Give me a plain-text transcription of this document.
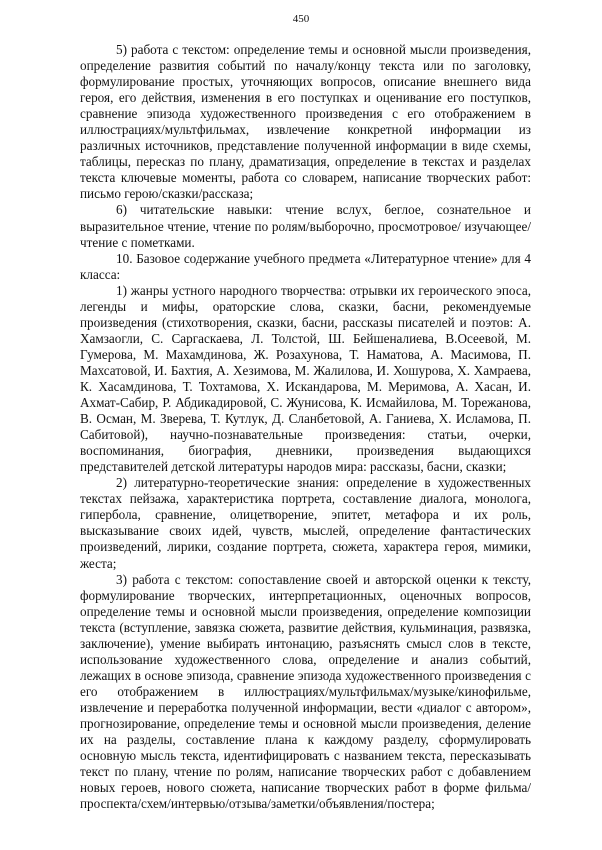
450

5) работа с текстом: определение темы и основной мысли произведения, определение развития событий по началу/концу текста или по заголовку, формулирование простых, уточняющих вопросов, описание внешнего вида героя, его действия, изменения в его поступках и оценивание его поступков, сравнение эпизода художественного произведения с его отображением в иллюстрациях/мультфильмах, извлечение конкретной информации из различных источников, представление полученной информации в виде схемы, таблицы, пересказ по плану, драматизация, определение в текстах и разделах текста ключевые моменты, работа со словарем, написание творческих работ: письмо герою/сказки/рассказа;

6) читательские навыки: чтение вслух, беглое, сознательное и выразительное чтение, чтение по ролям/выборочно, просмотровое/ изучающее/чтение с пометками.

10. Базовое содержание учебного предмета «Литературное чтение» для 4 класса:

1) жанры устного народного творчества: отрывки их героического эпоса, легенды и мифы, ораторские слова, сказки, басни, рекомендуемые произведения (стихотворения, сказки, басни, рассказы писателей и поэтов: А. Хамзаогли, С. Саргаскаева, Л. Толстой, Ш. Бейшеналиева, В.Осеевой, М. Гумерова, М. Махамдинова, Ж. Розахунова, Т. Наматова, А. Масимова, П. Махсатовой, И. Бахтия, А. Хезимова, М. Жалилова, И. Хошурова, Х. Хамраева, К. Хасамдинова, Т. Тохтамова, Х. Искандарова, М. Меримова, А. Хасан, И. Ахмат-Сабир, Р. Абдикадировой, С. Жунисова, К. Исмайилова, М. Торежанова, В. Осман, М. Зверева, Т. Кутлук, Д. Сланбетовой, А. Ганиева, Х. Исламова, П. Сабитовой), научно-познавательные произведения: статьи, очерки, воспоминания, биография, дневники, произведения выдающихся представителей детской литературы народов мира: рассказы, басни, сказки;

2) литературно-теоретические знания: определение в художественных текстах пейзажа, характеристика портрета, составление диалога, монолога, гипербола, сравнение, олицетворение, эпитет, метафора и их роль, высказывание своих идей, чувств, мыслей, определение фантастических произведений, лирики, создание портрета, сюжета, характера героя, мимики, жеста;

3) работа с текстом: сопоставление своей и авторской оценки к тексту, формулирование творческих, интерпретационных, оценочных вопросов, определение темы и основной мысли произведения, определение композиции текста (вступление, завязка сюжета, развитие действия, кульминация, развязка, заключение), умение выбирать интонацию, разъяснять смысл слов в тексте, использование художественного слова, определение и анализ событий, лежащих в основе эпизода, сравнение эпизода художественного произведения с его отображением в иллюстрациях/мультфильмах/музыке/кинофильме, извлечение и переработка полученной информации, вести «диалог с автором», прогнозирование, определение темы и основной мысли произведения, деление их на разделы, составление плана к каждому разделу, сформулировать основную мысль текста, идентифицировать с названием текста, пересказывать текст по плану, чтение по ролям, написание творческих работ с добавлением новых героев, нового сюжета, написание творческих работ в форме фильма/проспекта/схем/интервью/отзыва/заметки/объявления/постера;
